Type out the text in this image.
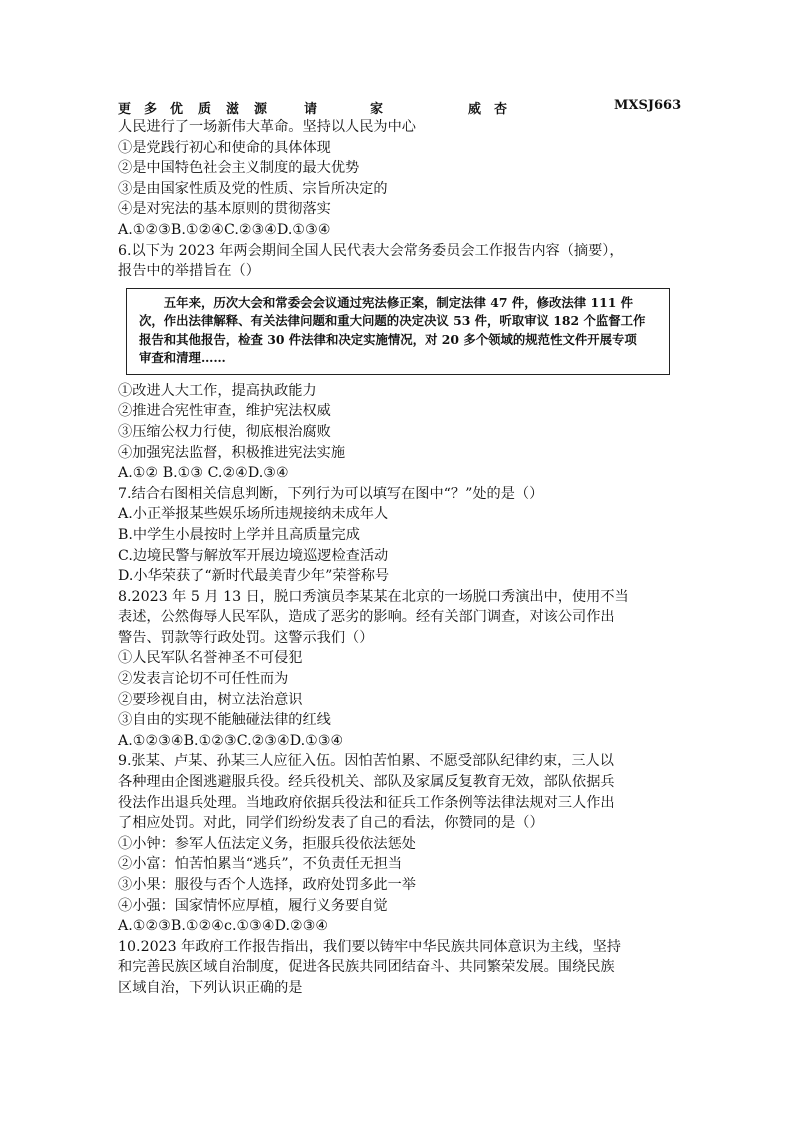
更 多 优 质 滋 源	请	家	威 杏	MXSJ663
人民进行了一场新伟大革命。坚持以人民为中心
①是党践行初心和使命的具体体现
②是中国特色社会主义制度的最大优势
③是由国家性质及党的性质、宗旨所决定的
④是对宪法的基本原则的贯彻落实
A.①②③B.①②④C.②③④D.①③④
6.以下为 2023 年两会期间全国人民代表大会常务委员会工作报告内容（摘要），
报告中的举措旨在（）
五年来，历次大会和常委会会议通过宪法修正案，制定法律 47 件，修改法律 111 件
次，作出法律解释、有关法律问题和重大问题的决定决议 53 件，听取审议 182 个监督工作
报告和其他报告，检查 30 件法律和决定实施情况，对 20 多个领域的规范性文件开展专项
审查和清理……
①改进人大工作，提高执政能力
②推进合宪性审查，维护宪法权威
③压缩公权力行使，彻底根治腐败
④加强宪法监督，积极推进宪法实施
A.①② B.①③ C.②④D.③④
7.结合右图相关信息判断，下列行为可以填写在图中“？”处的是（）
A.小正举报某些娱乐场所违规接纳未成年人
B.中学生小晨按时上学并且高质量完成
C.边境民警与解放军开展边境巡逻检查活动
D.小华荣获了“新时代最美青少年”荣誉称号
8.2023 年 5 月 13 日，脱口秀演员李某某在北京的一场脱口秀演出中，使用不当
表述，公然侮辱人民军队，造成了恶劣的影响。经有关部门调查，对该公司作出
警告、罚款等行政处罚。这警示我们（）
①人民军队名誉神圣不可侵犯
②发表言论切不可任性而为
②要珍视自由，树立法治意识
③自由的实现不能触碰法律的红线
A.①②③④B.①②③C.②③④D.①③④
9.张某、卢某、孙某三人应征入伍。因怕苦怕累、不愿受部队纪律约束，三人以
各种理由企图逃避服兵役。经兵役机关、部队及家属反复教育无效，部队依据兵
役法作出退兵处理。当地政府依据兵役法和征兵工作条例等法律法规对三人作出
了相应处罚。对此，同学们纷纷发表了自己的看法，你赞同的是（）
①小钟：参军人伍法定义务，拒服兵役依法惩处
②小富：怕苦怕累当“逃兵”，不负责任无担当
③小果：服役与否个人选择，政府处罚多此一举
④小强：国家情怀应厚植，履行义务要自觉
A.①②③B.①②④c.①③④D.②③④
10.2023 年政府工作报告指出，我们要以铸牢中华民族共同体意识为主线，坚持
和完善民族区域自治制度，促进各民族共同团结奋斗、共同繁荣发展。围绕民族
区域自治，下列认识正确的是
